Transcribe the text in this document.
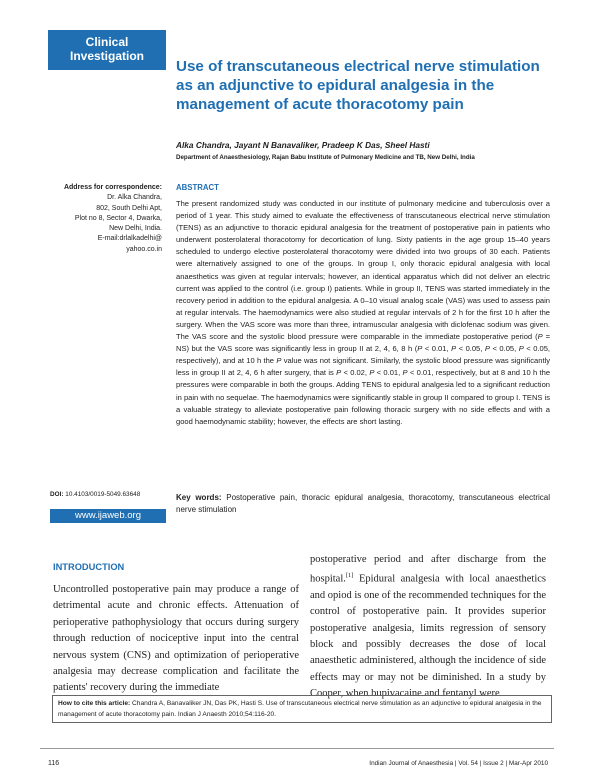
Clinical
Investigation
Use of transcutaneous electrical nerve stimulation as an adjunctive to epidural analgesia in the management of acute thoracotomy pain
Alka Chandra, Jayant N Banavaliker, Pradeep K Das, Sheel Hasti
Department of Anaesthesiology, Rajan Babu Institute of Pulmonary Medicine and TB, New Delhi, India
Address for correspondence:
Dr. Alka Chandra,
802, South Delhi Apt,
Plot no 8, Sector 4, Dwarka,
New Delhi, India.
E-mail:drlalkadelhi@
yahoo.co.in
ABSTRACT

The present randomized study was conducted in our institute of pulmonary medicine and tuberculosis over a period of 1 year. This study aimed to evaluate the effectiveness of transcutaneous electrical nerve stimulation (TENS) as an adjunctive to thoracic epidural analgesia for the treatment of postoperative pain in patients who underwent posterolateral thoracotomy for decortication of lung. Sixty patients in the age group 15–40 years scheduled to undergo elective posterolateral thoracotomy were divided into two groups of 30 each. Patients were alternatively assigned to one of the groups. In group I, only thoracic epidural analgesia with local anaesthetics was given at regular intervals; however, an identical apparatus which did not deliver an electric current was applied to the control (i.e. group I) patients. While in group II, TENS was started immediately in the recovery period in addition to the epidural analgesia. A 0–10 visual analog scale (VAS) was used to assess pain at regular intervals. The haemodynamics were also studied at regular intervals of 2 h for the first 10 h after the surgery. When the VAS score was more than three, intramuscular analgesia with diclofenac sodium was given. The VAS score and the systolic blood pressure were comparable in the immediate postoperative period (P = NS) but the VAS score was significantly less in group II at 2, 4, 6, 8 h (P < 0.01, P < 0.05, P < 0.05, P < 0.05, respectively), and at 10 h the P value was not significant. Similarly, the systolic blood pressure was significantly less in group II at 2, 4, 6 h after surgery, that is P < 0.02, P < 0.01, P < 0.01, respectively, but at 8 and 10 h the pressures were comparable in both the groups. Adding TENS to epidural analgesia led to a significant reduction in pain with no sequelae. The haemodynamics were significantly stable in group II compared to group I. TENS is a valuable strategy to alleviate postoperative pain following thoracic surgery with no side effects and with a good haemodynamic stability; however, the effects are short lasting.

DOI: 10.4103/0019-5049.63648
www.ijaweb.org

Key words: Postoperative pain, thoracic epidural analgesia, thoracotomy, transcutaneous electrical nerve stimulation

INTRODUCTION

Uncontrolled postoperative pain may produce a range of detrimental acute and chronic effects. Attenuation of perioperative pathophysiology that occurs during surgery through reduction of nociceptive input into the central nervous system (CNS) and optimization of perioperative analgesia may decrease complication and facilitate the patients' recovery during the immediate

postoperative period and after discharge from the hospital.[1] Epidural analgesia with local anaesthetics and opiod is one of the recommended techniques for the control of postoperative pain. It provides superior postoperative analgesia, limits regression of sensory block and possibly decreases the dose of local anaesthetic administered, although the incidence of side effects may or may not be diminished. In a study by Cooper, when bupivacaine and fentanyl were

How to cite this article: Chandra A, Banavaliker JN, Das PK, Hasti S. Use of transcutaneous electrical nerve stimulation as an adjunctive to epidural analgesia in the management of acute thoracotomy pain. Indian J Anaesth 2010;54:116-20.
116	Indian Journal of Anaesthesia | Vol. 54 | Issue 2 | Mar-Apr 2010
